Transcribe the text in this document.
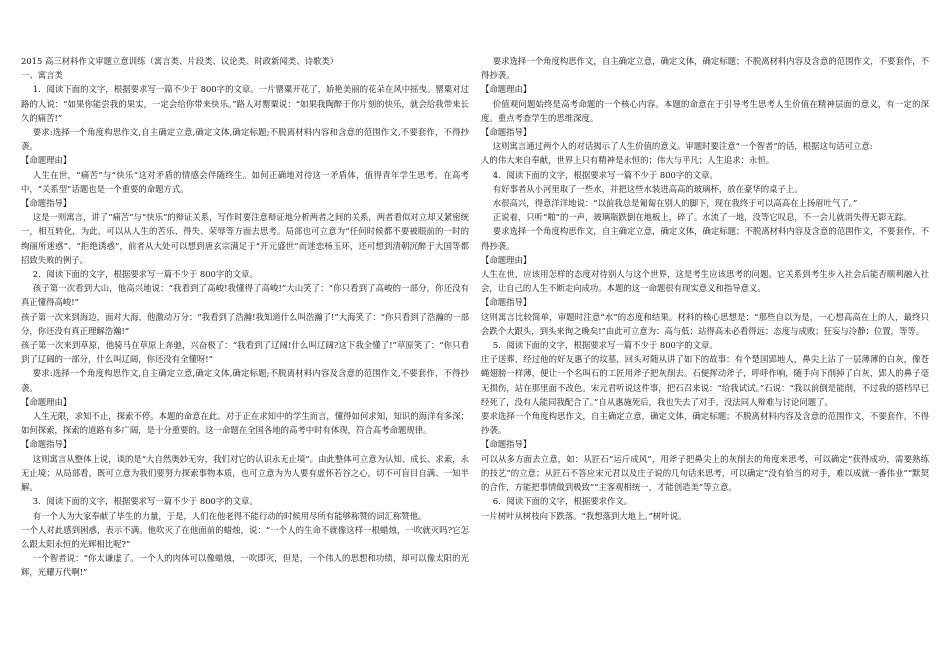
2015 高三材料作文审题立意训练（寓言类、片段类、议论类、时政新闻类、诗歌类）

一、寓言类

1．阅读下面的文字，根据要求写一篇不少于 800字的文章。一片罂粟开花了，娇艳美丽的花朵在风中摇曳。罂粟对过路的人说：“如果你能尝我的果实，一定会给你带来快乐。”路人对罂粟说：“如果我陶醉于你片刻的快乐，就会给我带来长久的痛苦!”

要求:选择一个角度构思作文,自主确定立意,确定文体,确定标题;不脱离材料内容和含意的范围作文,不要套作，不得抄袭。

【命题理由】

人生在世，“痛苦”与“快乐”这对矛盾的情感会伴随终生。如何正确地对待这一矛盾体，值得青年学生思考。在高考中，“关系型”话题也是一个重要的命题方式。

【命题指导】

这是一则寓言，讲了“痛苦”与“快乐”的辩证关系，写作时要注意辩证地分析两者之间的关系，两者看似对立却又紧密统一，相互转化，为此，可以从人生的苦乐、得失、荣辱等方面去思考。局部也可立意为“任何时候都不要被眼前的一时的绚丽所迷惑”、“拒绝诱惑”，前者从大处可以想到唐玄宗满足于“开元盛世”而迷恋杨玉环，还可想到清朝沉醉于大国等都招致失败的例子。

2．阅读下面的文字，根据要求写一篇不少于 800字的文章。

孩子第一次看到大山，他高兴地说：“我看到了高峻!我懂得了高峻!”大山笑了：“你只看到了高峻的一部分，你还没有真正懂得高峻!”

孩子第一次来到海边，面对大海，他激动万分：“我看到了浩瀚!我知道什么叫浩瀚了!”大海笑了：“你只看到了浩瀚的一部分，你还没有真正理解浩瀚!”

孩子第一次来到草原，他骑马在草原上奔驰，兴奋极了：“我看到了辽阔!什么叫辽阔?这下我全懂了!”草原笑了：“你只看到了辽阔的一部分，什么叫辽阔，你还没有全懂呀!”

要求:选择一个角度构思作文,自主确定立意,确定文体,确定标题;不脱离材料内容及含意的范围作文,不要套作，不得抄袭。

【命题理由】

人生无限，求知不止，探索不停。本题的命意在此。对于正在求知中的学生而言，懂得如何求知，知识的海洋有多深；如何探索，探索的道路有多广阔，是十分重要的。这一命题在全国各地的高考中时有体现，符合高考命题规律。

【命题指导】

这则寓言从整体上说，谈的是“大自然奥妙无穷，我们对它的认识永无止境”。由此整体可立意为认知、成长、求索，永无止境；从局部看，既可立意为我们要努力探索事物本质，也可立意为为人要有虚怀若谷之心，切不可盲目自满、一知半解。

3．阅读下面的文字，根据要求写一篇不少于 800字的文章。

有一个人为大家奉献了毕生的力量，于是，人们在他老得不能行动的时候用尽所有能够称赞的词汇称赞他。

一个人对此感到困惑，表示不满。他吹灭了在他面前的蜡烛，说：“一个人的生命不就像这样一根蜡烛，一吹就灭吗?它怎么跟太阳永恒的光辉相比呢?”

一个智者说：“你太谦虚了。一个人的肉体可以像蜡烛，一吹即灭，但是，一个伟人的思想和功绩，却可以像太阳的光辉，光耀万代啊!”

要求选择一个角度构思作文，自主确定立意，确定文体，确定标题；不脱离材料内容及含意的范围作文，不要套作，不得抄袭。

【命题理由】

价值观问题始终是高考命题的一个核心内容。本题的命意在于引导考生思考人生价值在精神层面的意义，有一定的深度。重点考查学生的思维深度。

【命题指导】

这则寓言通过两个人的对话揭示了人生价值的意义。审题时要注意“一个智者”的话，根据这句话可立意:

人的伟大来自奉献，世界上只有精神是永恒的；伟大与平凡；人生追求：永恒。

4．阅读下面的文字，根据要求写一篇不少于 800字的文章。

有好事者从小河里取了一些水，并把这些水装进高高的玻璃杯，放在豪华的桌子上。

水很高兴，得意洋洋地说：“以前我总是匍匐在别人的脚下，现在我终于可以高高在上扬眉吐气了。”

正说着，只听“啪”的一声，玻璃瓶跌倒在地板上，碎了。水流了一地，没等它叹息，不一会儿就消失得无影无踪。

要求选择一个角度构思作文，自主确定立意，确定文体，确定标题；不脱离材料内容及含意的范围作文，不要套作，不得抄袭。

【命题理由】

人生在世，应该用怎样的态度对待别人与这个世界，这是考生应该思考的问题。它关系到考生步入社会后能否顺利融入社会，让自己的人生不断走向成功。本题的这一命题很有现实意义和指导意义。

【命题指导】

这则寓言比较简单，审题时注意“水”的态度和结果。材料的核心思想是：“那些自以为是，一心想高高在上的人，最终只会跌个大跟头，到头来徇之晚矣!”由此可立意为：高与低；站得高未必看得远；态度与成败；狂妄与冷静；位置，等等。

5．阅读下面的文字，根据要求写一篇不少于 800字的文章。

庄子送葬，经过他的好友惠子的坟墓，回头对随从讲了如下的故事：有个楚国郢地人，鼻尖上沾了一层薄薄的白灰，像苍蝇翅膀一样薄，便让一个名叫石的工匠用斧子把灰削去。石便挥动斧子，呼呼作响，随手向下削掉了白灰，郢人的鼻子毫无损伤，站在那里面不改色。宋元君听说这件事，把石召来说：“给我试试。”石说：“我以前倒是能削，不过我的搭档早已经死了，没有人能同我配合了。”自从惠施死后，我也失去了对手，没法同人辩难与讨论问题了。

要求选择一个角度构思作文，自主确定立意，确定文体，确定标题；不脱离材料内容及含意的范围作文，不要套作，不得抄袭。

【命题指导】

可以从多方面去立意，如：从匠石“运斤成风”，用斧子把鼻尖上的灰削去的角度来思考，可以确定“获得成功，需要熟练的技艺”的立意；从匠石不答应宋元君以及庄子说的几句话来思考，可以确定“没有恰当的对手，难以成就一番伟业”“默契的合作，方能把事情做到极致”“主客观相统一，才能创造美”等立意。

6．阅读下面的文字，根据要求作文。

一片树叶从树枝向下跌落。“我想落到大地上。”树叶说。
